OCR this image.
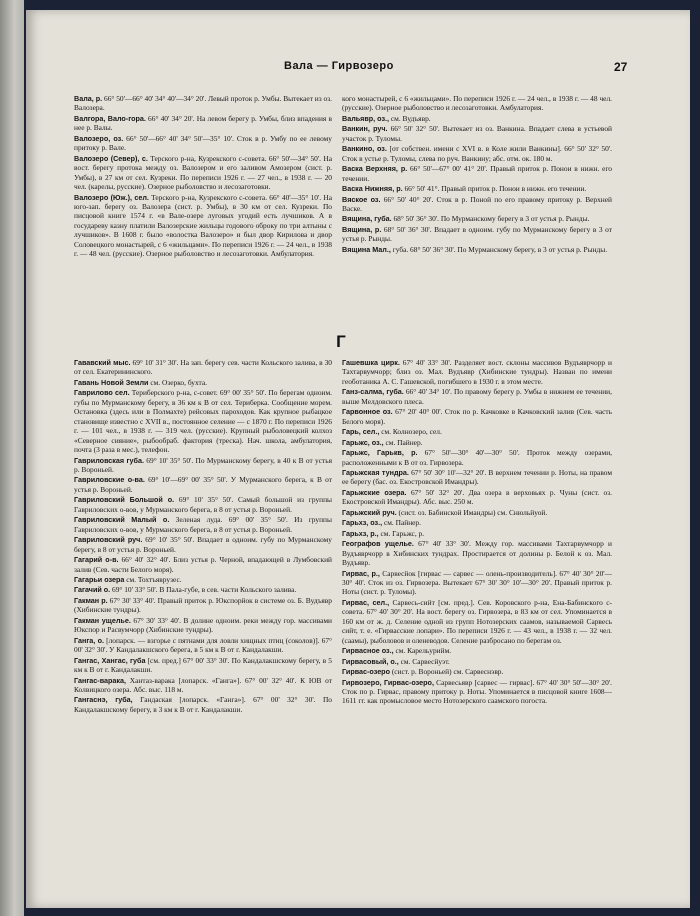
Вала — Гирвозеро	27

Вала, р. 66° 50'—66° 40' 34° 40'—34° 20'. Левый проток р. Умбы. Вытекает из оз. Валозера.

Валгора, Вало-гора. 66° 40' 34° 20'. На левом берегу р. Умбы, близ впадения в нее р. Валы.

Валозеро, оз. 66° 50'—66° 40' 34° 50'—35° 10'. Сток в р. Умбу по ее левому притоку р. Вале.

Валозеро (Север), с. Терского р-на, Кузрекского с-совета. 66° 50'—34° 50'. На вост. берегу протока между оз. Валозером и его заливом Амозером (сист. р. Умбы), в 27 км от сел. Кузреки. По переписи 1926 г. — 27 чел., в 1938 г. — 20 чел. (карелы, русские). Озерное рыболовство и лесозаготовки.

Валозеро (Юж.), сел. Терского р-на, Кузрекского с-совета. 66° 40'—35° 10'. На юго-зап. берегу оз. Валозера (сист. р. Умбы), в 30 км от сел. Кузреки. По писцовой книге 1574 г. «в Вале-озере луговых угодий есть лучшиков. А в государеву казну платили Валозерские жильцы годового оброку по три алтыны с лучшиков». В 1608 г. было «волостка Валозеро» и был двор Кирилова и двор Соловецкого монастырей, с 6 «жильцами». По переписи 1926 г. — 24 чел., в 1938 г. — 48 чел. (русские). Озерное рыболовство и лесозаготовки. Амбулатория.

кого монастырей, с 6 «жильцами». По переписи 1926 г. — 24 чел., в 1938 г. — 48 чел. (русские). Озерное рыболовство и лесозаготовки. Амбулатория.

Вальявр, оз., см. Вудъявр.

Ванкин, руч. 66° 50' 32° 50'. Вытекает из оз. Ванкина. Впадает слева в устьевой участок р. Туломы.

Ванкино, оз. [от собствен. имени с XVI в. в Коле жили Ванкины]. 66° 50' 32° 50'. Сток в устье р. Туломы, слева по руч. Ванкину; абс. отм. ок. 180 м.

Васка Верхняя, р. 66° 50'—67° 00' 41° 20'. Правый приток р. Понои в нижн. его течении.

Васка Нижняя, р. 66° 50' 41°. Правый приток р. Понои в нижн. его течении.

Вяское оз. 66° 50' 40° 20'. Сток в р. Поной по его правому притоку р. Верхней Васке.

Вящина, губа. 68° 50' 36° 30'. По Мурманскому берегу в 3 от устья р. Рынды.

Вящина, р. 68° 50' 36° 30'. Впадает в одноим. губу по Мурманскому берегу в 3 от устья р. Рынды.

Вящина Мал., губа. 68° 50' 36° 30'. По Мурманскому берегу, в 3 от устья р. Рынды.

Г

Гававский мыс. 69° 10' 31° 30'. На зап. берегу сев. части Кольского залива, в 30 от сел. Екатерининского.

Гавань Новой Земли см. Озерко, бухта.

Гаврилово сел. Териберского р-на, с-совет. 69° 00' 35° 50'. По берегам одноим. губы по Мурманскому берегу, в 36 км к В от сел. Териберка. Сообщение морем. Остановка (здесь или в Полмахте) рейсовых пароходов. Как крупное рыбацкое становище известно с XVII в., постоянное селение — с 1870 г. По переписи 1926 г. — 101 чел., в 1938 г. — 319 чел. (русские). Крупный рыболовецкий колхоз «Северное сияние», рыбообраб. фактория (треска). Нач. школа, амбулатория, почта (3 раза в мес.), телефон.

Гавриловская губа. 69° 10' 35° 50'. По Мурманскому берегу, в 40 к В от устья р. Вороньей.

Гавриловские о-ва. 69° 10'—69° 00' 35° 50'. У Мурманского берега, к В от устья р. Вороньей.

Гавриловский Большой о. 69° 10' 35° 50'. Самый большой из группы Гавриловских о-вов, у Мурманского берега, в 8 от устья р. Вороньей.

Гавриловский Малый о. Зеленая луда. 69° 00' 35° 50'. Из группы Гавриловских о-вов, у Мурманского берега, в 8 от устья р. Вороньей.

Гавриловский руч. 69° 10' 35° 50'. Впадает в одноим. губу по Мурманскому берегу, в 8 от устья р. Вороньей.

Гагарий о-в. 66° 40' 32° 40'. Близ устья р. Черной, впадающей в Лумбовский залив (Сев. части Белого моря).

Гагарьи озера см. Тохтъяврузес.

Гагачий о. 69° 10' 33° 50'. В Пала-губе, в сев. части Кольского залива.

Гакман р. 67° 30' 33° 40'. Правый приток р. Юкспорйок в системе оз. Б. Вудъявр (Хибинские тундры).

Гакман ущелье. 67° 30' 33° 40'. В долине одноим. реки между гор. массивами Юкспор и Расвумчорр (Хибинские тундры).

Ганга, о. [лопарск. — взгорье с пятнами для ловли хищных птиц (соколов)]. 67° 00' 32° 30'. У Кандалакшского берега, в 5 км к В от г. Кандалакши.

Гангас, Хангас, губа [см. пред.] 67° 00' 33° 30'. По Кандалакшскому берегу, в 5 км к В от г. Кандалакши.

Гангас-варака, Хантаз-варака [лопарск. «Ганга»]. 67° 00' 32° 40'. К ЮВ от Колвицкого озера. Абс. выс. 118 м.

Гангаснэ, губа, Гандаская [лопарск. «Ганга»]. 67° 00' 32° 30'. По Кандалакшскому берегу, в 3 км к В от г. Кандалакши.

Гашевшка цирк. 67° 40' 33° 30'. Разделяет вост. склоны массивов Вудъяврчорр и Тахтарвумчорр; близ оз. Мал. Вудъявр (Хибинские тундры). Назван по имени геоботаника А. С. Гашевской, погибшего в 1930 г. в этом месте.

Ганз-салма, губа. 66° 40' 34° 10'. По правому берегу р. Умбы в нижнем ее течении, выше Мелдовского плеса.

Гарвонное оз. 67° 20' 40° 00'. Сток по р. Качковке в Качковский залив (Сев. часть Белого моря).

Гарь, сел., см. Колнозеро, сел.

Гарьжс, оз., см. Пайнер.

Гарьжс, Гарькв, р. 67° 50'—30° 40'—30° 50'. Проток между озерами, расположенными к В от оз. Гирвозера.

Гарьжская тундра. 67° 50' 30° 10'—32° 20'. В верхнем течении р. Ноты, на правом ее берегу (бас. оз. Екостровской Имандры).

Гарьжские озера. 67° 50' 32° 20'. Два озера в верховьях р. Чуны (сист. оз. Екостровской Имандры). Абс. выс. 250 м.

Гарьжский руч. (сист. оз. Бабинской Имандры) см. Снюльйуой.

Гарьхз, оз., см. Пайнер.

Гарьхз, р., см. Гарьжс, р.

Географов ущелье. 67° 40' 33° 30'. Между гор. массивами Тахтарвумчорр и Вудъяврчорр в Хибинских тундрах. Простирается от долины р. Белой к оз. Мал. Вудъявр.

Гирвас, р., Сарвесйок [гирвас — сарвес — олень-производитель]. 67° 40' 30° 20'—30° 40'. Сток из оз. Гирвозера. Вытекает 67° 30' 30° 10'—30° 20'. Правый приток р. Ноты (сист. р. Туломы).

Гирвас, сел., Сарвесь-сийт [см. пред.]. Сев. Коровского р-на, Ена-Бабинского с-совета. 67° 40' 30° 20'. На вост. берегу оз. Гирвозера, в 83 км от сел. Упоминается в 160 км от ж. д. Селение одной из групп Нотозерских саамов, называемой Сарвесь сийт, т. е. «Гирвасские лопари». По переписи 1926 г. — 43 чел., в 1938 г. — 32 чел. (саамы), рыболовов и оленеводов. Селение разбросано по берегам оз.

Гирвасное оз., см. Карельурийм.

Гирвасовый, о., см. Сарвесйуэт.

Гирвас-озеро (сист. р. Вороньей) см. Сарвеснэвр.

Гирвозеро, Гирвас-озеро, Сарвесьявр [сарвес — гирвас]. 67° 40' 30° 50'—30° 20'. Сток по р. Гирвас, правому притоку р. Ноты. Упоминается в писцовой книге 1608—1611 гг. как промысловое место Нотозерского саамского погоста.
